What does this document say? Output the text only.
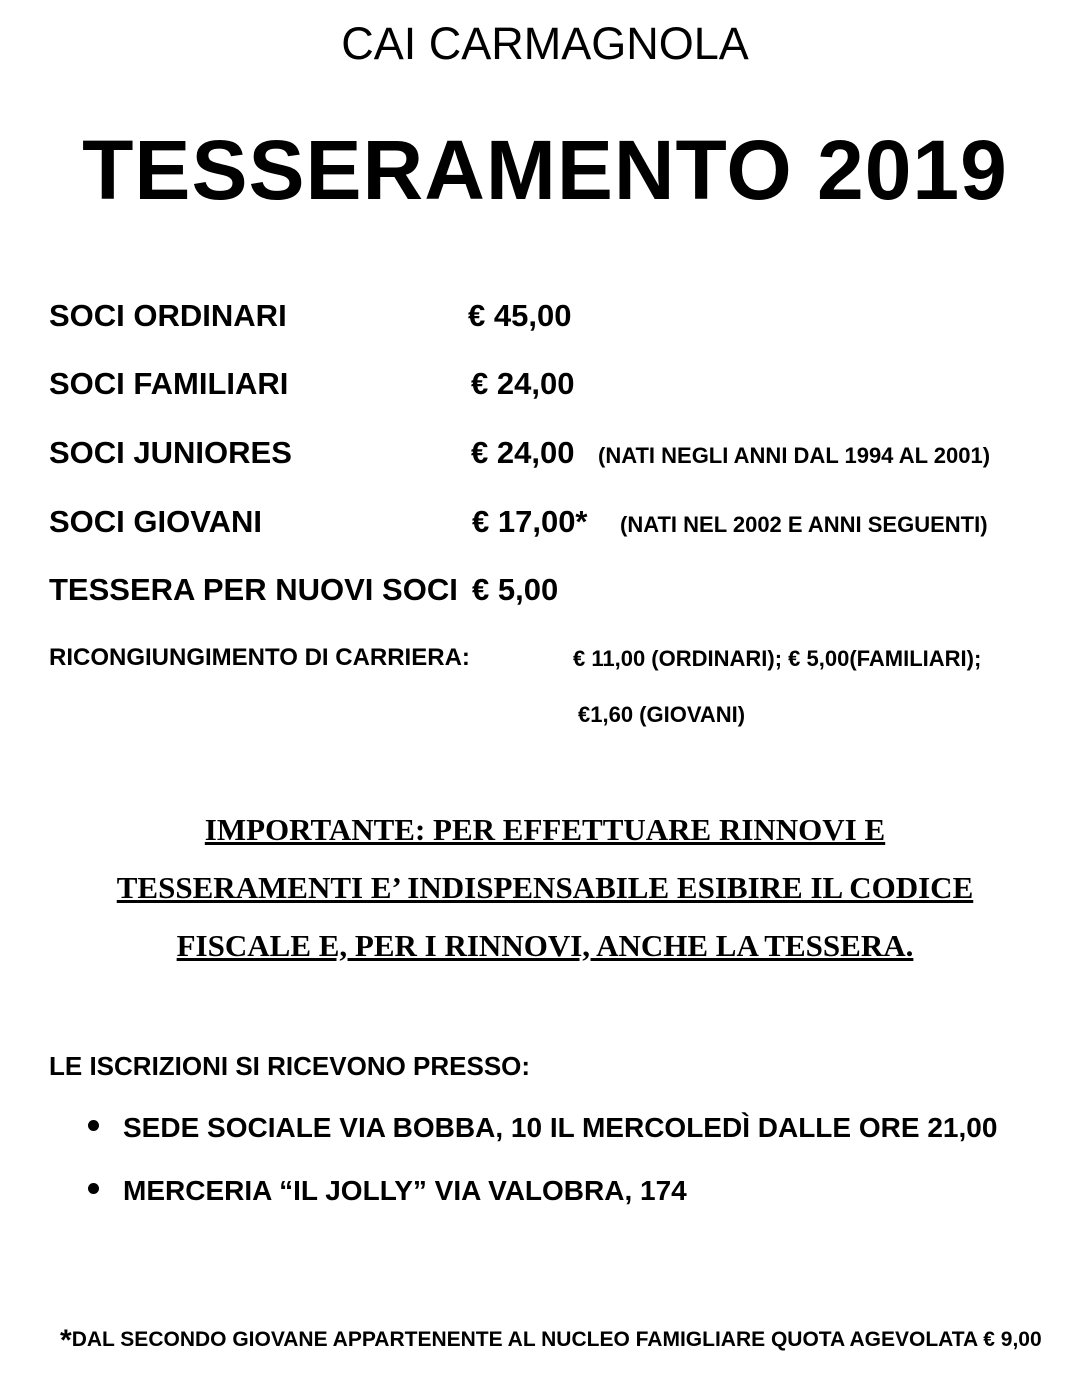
CAI CARMAGNOLA
TESSERAMENTO 2019
SOCI ORDINARI	€ 45,00
SOCI FAMILIARI	€ 24,00
SOCI JUNIORES	€ 24,00 (NATI NEGLI ANNI DAL 1994 AL 2001)
SOCI GIOVANI	€ 17,00* (NATI NEL 2002 E ANNI SEGUENTI)
TESSERA PER NUOVI SOCI € 5,00
RICONGIUNGIMENTO DI CARRIERA:	€ 11,00 (ORDINARI); € 5,00(FAMILIARI);
€1,60 (GIOVANI)
IMPORTANTE: PER EFFETTUARE RINNOVI E
TESSERAMENTI E’ INDISPENSABILE ESIBIRE IL CODICE
FISCALE E, PER I RINNOVI, ANCHE LA TESSERA.
LE ISCRIZIONI SI RICEVONO PRESSO:
SEDE SOCIALE VIA BOBBA, 10 IL MERCOLEDÌ DALLE ORE 21,00
MERCERIA “IL JOLLY” VIA VALOBRA, 174
*DAL SECONDO GIOVANE APPARTENENTE AL NUCLEO FAMIGLIARE QUOTA AGEVOLATA € 9,00
